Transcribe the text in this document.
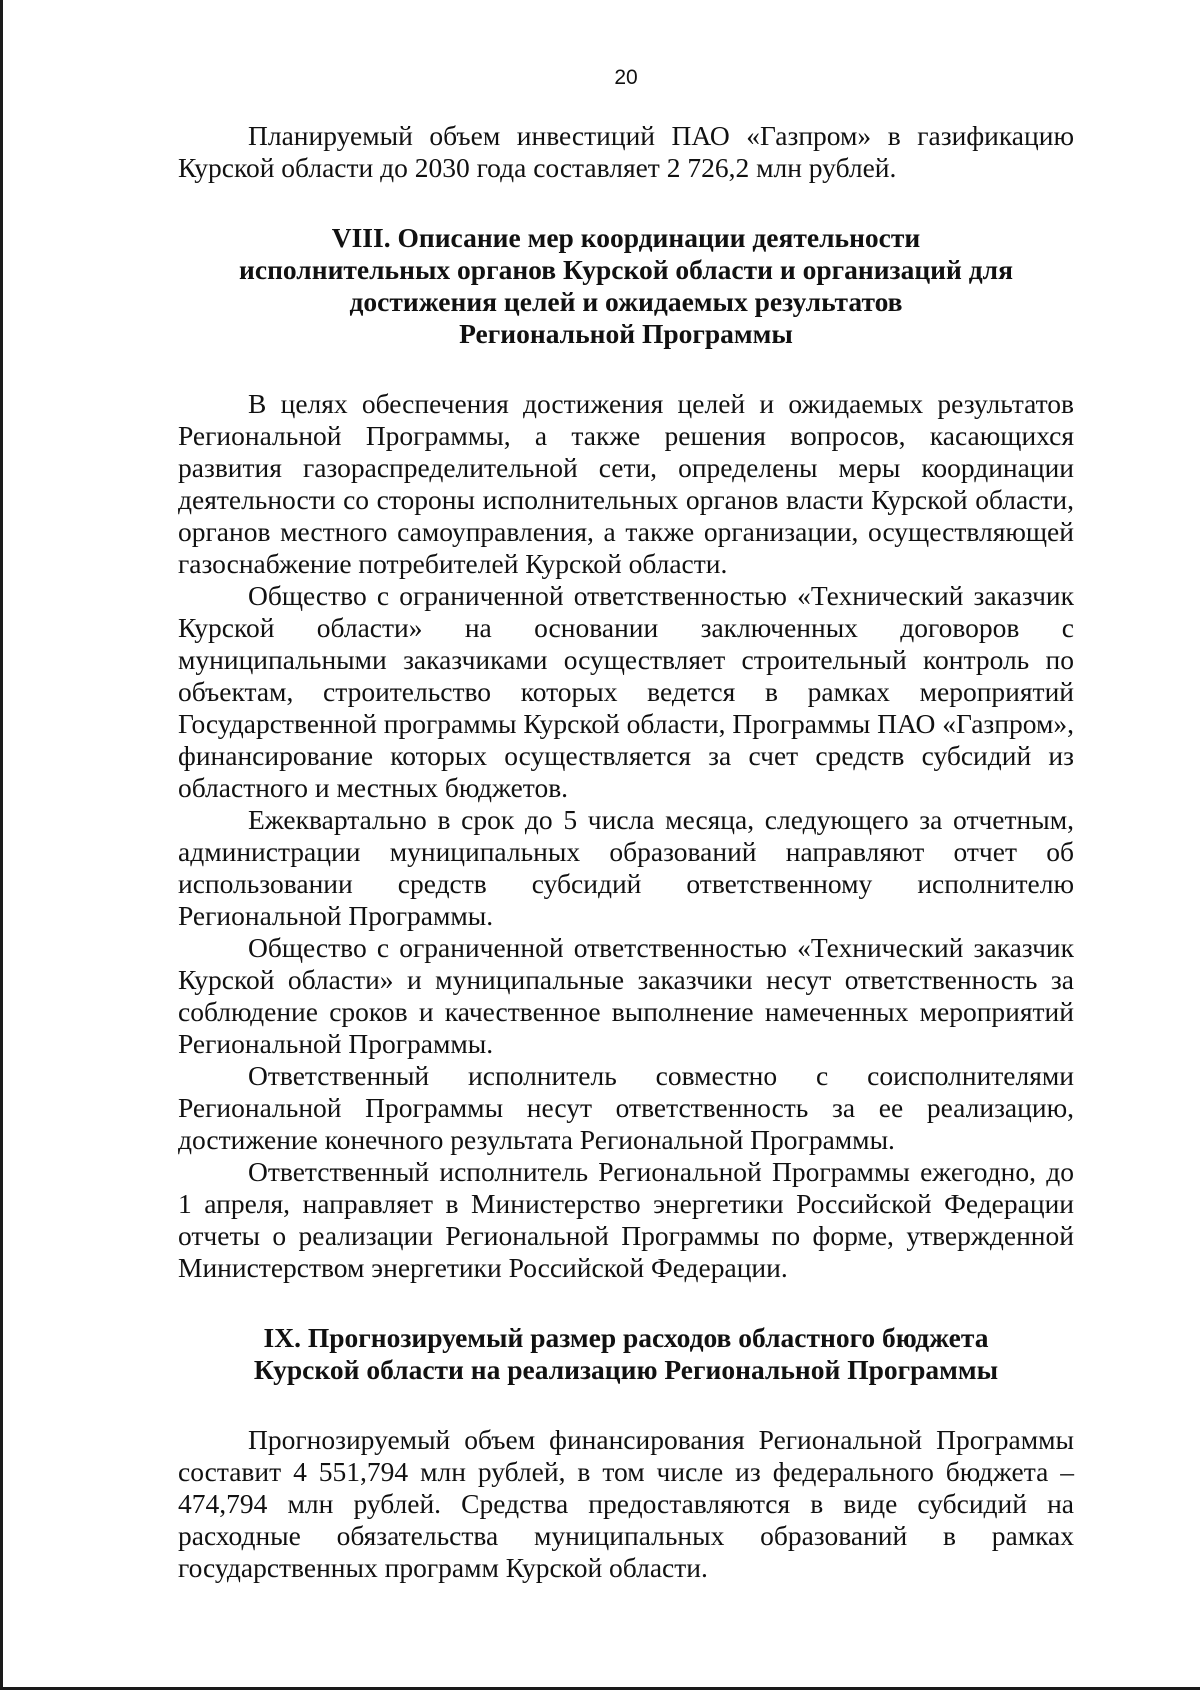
20

Планируемый объем инвестиций ПАО «Газпром» в газификацию Курской области до 2030 года составляет 2 726,2 млн рублей.

VIII. Описание мер координации деятельности
исполнительных органов Курской области и организаций для
достижения целей и ожидаемых результатов
Региональной Программы

В целях обеспечения достижения целей и ожидаемых результатов Региональной Программы, а также решения вопросов, касающихся развития газораспределительной сети, определены меры координации деятельности со стороны исполнительных органов власти Курской области, органов местного самоуправления, а также организации, осуществляющей газоснабжение потребителей Курской области.

Общество с ограниченной ответственностью «Технический заказчик Курской области» на основании заключенных договоров с муниципальными заказчиками осуществляет строительный контроль по объектам, строительство которых ведется в рамках мероприятий Государственной программы Курской области, Программы ПАО «Газпром», финансирование которых осуществляется за счет средств субсидий из областного и местных бюджетов.

Ежеквартально в срок до 5 числа месяца, следующего за отчетным, администрации муниципальных образований направляют отчет об использовании средств субсидий ответственному исполнителю Региональной Программы.

Общество с ограниченной ответственностью «Технический заказчик Курской области» и муниципальные заказчики несут ответственность за соблюдение сроков и качественное выполнение намеченных мероприятий Региональной Программы.

Ответственный исполнитель совместно с соисполнителями Региональной Программы несут ответственность за ее реализацию, достижение конечного результата Региональной Программы.

Ответственный исполнитель Региональной Программы ежегодно, до 1 апреля, направляет в Министерство энергетики Российской Федерации отчеты о реализации Региональной Программы по форме, утвержденной Министерством энергетики Российской Федерации.

IX. Прогнозируемый размер расходов областного бюджета
Курской области на реализацию Региональной Программы

Прогнозируемый объем финансирования Региональной Программы составит 4 551,794 млн рублей, в том числе из федерального бюджета – 474,794 млн рублей. Средства предоставляются в виде субсидий на расходные обязательства муниципальных образований в рамках государственных программ Курской области.
